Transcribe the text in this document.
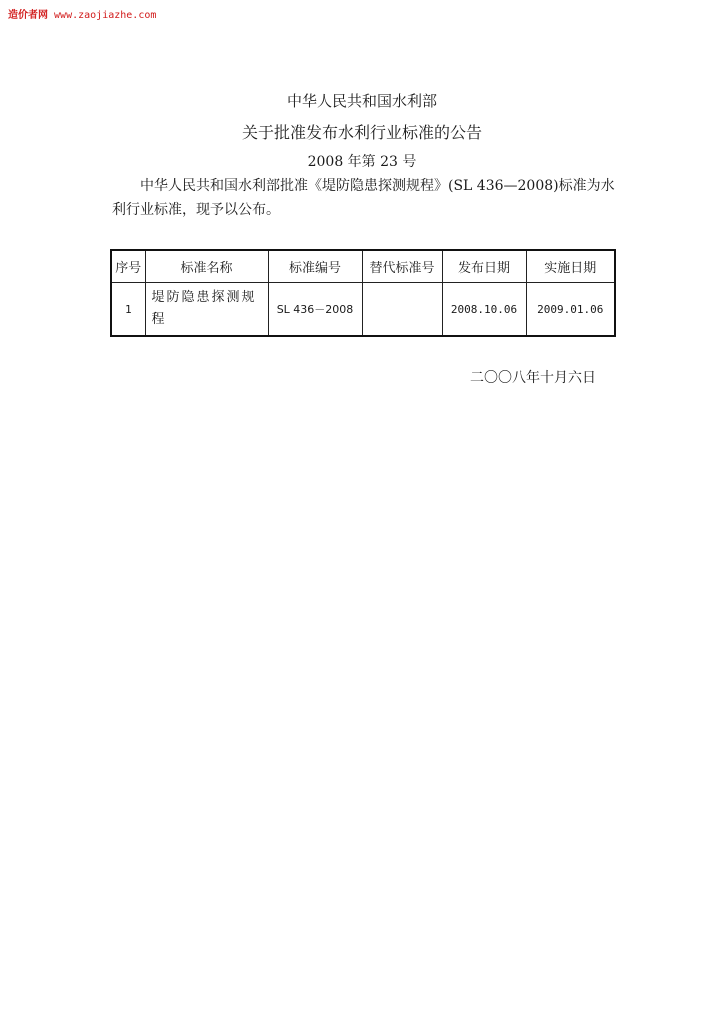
造价者网 www.zaojiazhe.com
中华人民共和国水利部
关于批准发布水利行业标准的公告
2008 年第 23 号
中华人民共和国水利部批准《堤防隐患探测规程》(SL 436—2008)标准为水利行业标准，现予以公布。
序号	标准名称	标准编号	替代标准号	发布日期	实施日期
1	堤防隐患探测规程	SL 436－2008		2008.10.06	2009.01.06
二〇〇八年十月六日
